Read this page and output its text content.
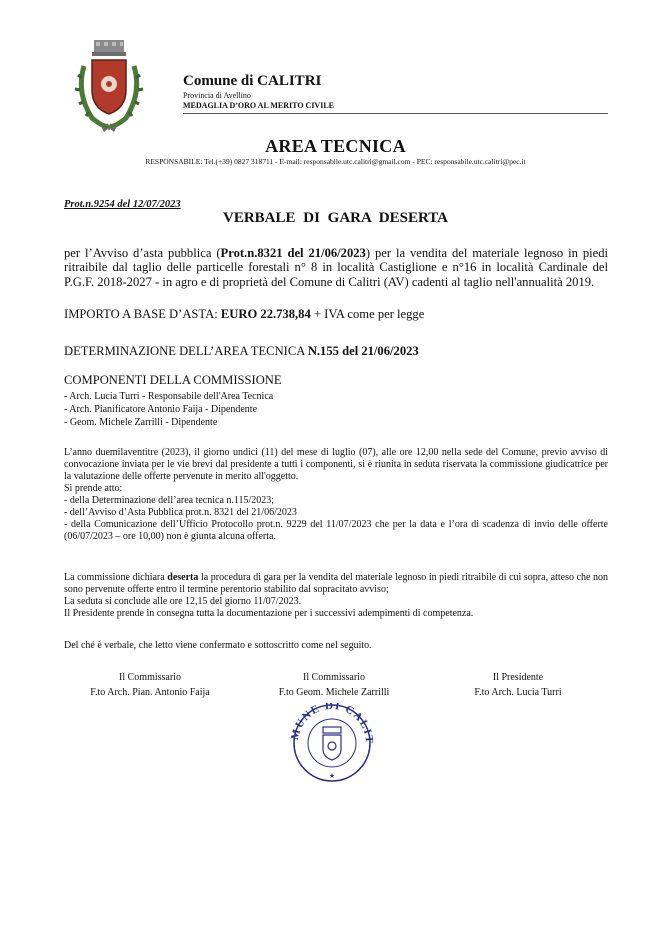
Comune di CALITRI
Provincia di Avellino
MEDAGLIA D’ORO AL MERITO CIVILE
AREA TECNICA
RESPONSABILE: Tel.(+39) 0827 318711 - E-mail: responsabile.utc.calitri@gmail.com - PEC: responsabile.utc.calitri@pec.it
Prot.n.9254 del 12/07/2023
VERBALE DI GARA DESERTA
per l’Avviso d’asta pubblica (Prot.n.8321 del 21/06/2023) per la vendita del materiale legnoso in piedi ritraibile dal taglio delle particelle forestali n° 8 in località Castiglione e n°16 in località Cardinale del P.G.F. 2018-2027 - in agro e di proprietà del Comune di Calitri (AV) cadenti al taglio nell'annualità 2019.
IMPORTO A BASE D’ASTA: EURO 22.738,84 + IVA come per legge
DETERMINAZIONE DELL’AREA TECNICA N.155 del 21/06/2023
COMPONENTI DELLA COMMISSIONE
- Arch. Lucia Turri - Responsabile dell'Area Tecnica
- Arch. Pianificatore Antonio Faija - Dipendente
- Geom. Michele Zarrilli - Dipendente

L’anno duemilaventitre (2023), il giorno undici (11) del mese di luglio (07), alle ore 12,00 nella sede del Comune, previo avviso di convocazione inviata per le vie brevi dal presidente a tutti i componenti, si è riunita in seduta riservata la commissione giudicatrice per la valutazione delle offerte pervenute in merito all'oggetto.

Si prende atto:

- della Determinazione dell’area tecnica n.115/2023;
- dell’Avviso d’Asta Pubblica prot.n. 8321 del 21/06/2023
- della Comunicazione dell’Ufficio Protocollo prot.n. 9229 del 11/07/2023 che per la data e l’ora di scadenza di invio delle offerte (06/07/2023 – ore 10,00) non è giunta alcuna offerta.

La commissione dichiara deserta la procedura di gara per la vendita del materiale legnoso in piedi ritraibile di cui sopra, atteso che non sono pervenute offerte entro il termine perentorio stabilito dal sopracitato avviso;

La seduta si conclude alle ore 12,15 del giorno 11/07/2023.

Il Presidente prende in consegna tutta la documentazione per i successivi adempimenti di competenza.

Del ché è verbale, che letto viene confermato e sottoscritto come nel seguito.
Il Commissario
F.to Arch. Pian. Antonio Faija
Il Commissario
F.to Geom. Michele Zarrilli
Il Presidente
F.to Arch. Lucia Turri
MUNE DI CALIT
★
